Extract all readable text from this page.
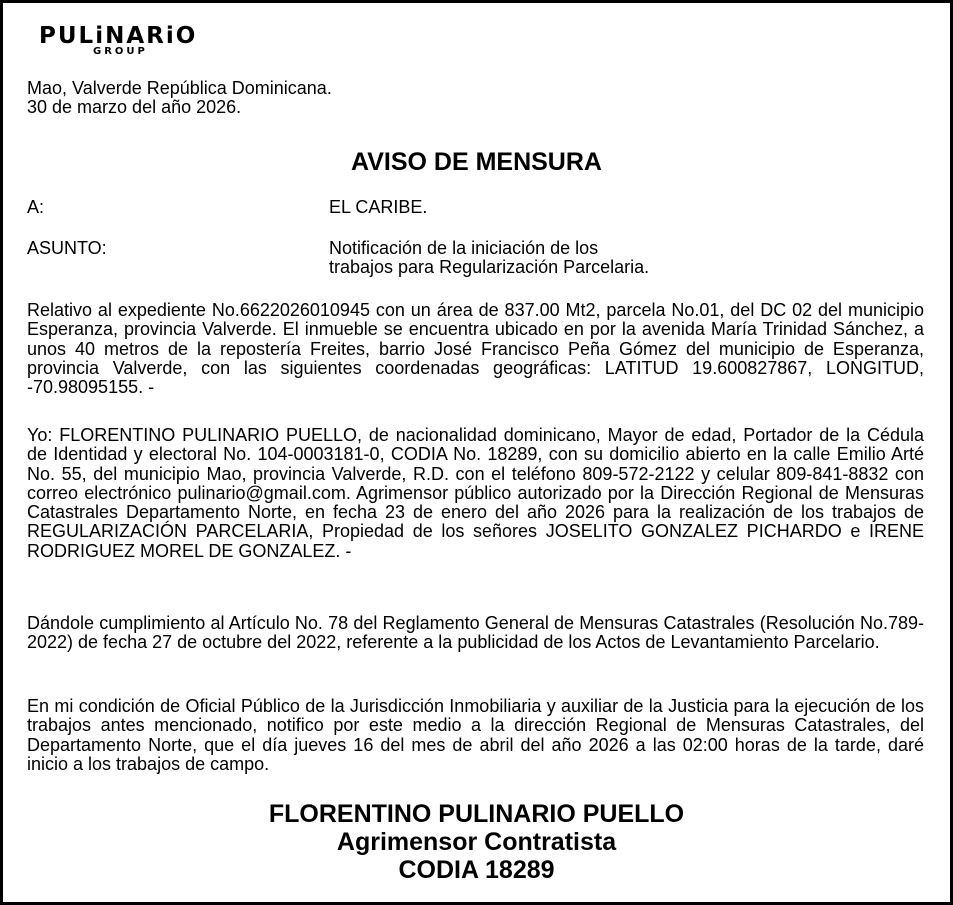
PULiNARiO
GROUP
Mao, Valverde República Dominicana.
30 de marzo del año 2026.
AVISO DE MENSURA
A:	EL CARIBE.
ASUNTO:	Notificación de la iniciación de los
trabajos para Regularización Parcelaria.
Relativo al expediente No.6622026010945 con un área de 837.00 Mt2, parcela No.01, del DC 02 del municipio Esperanza, provincia Valverde. El inmueble se encuentra ubicado en por la avenida María Trinidad Sánchez, a unos 40 metros de la repostería Freites, barrio José Francisco Peña Gómez del municipio de Esperanza, provincia Valverde, con las siguientes coordenadas geográficas: LATITUD 19.600827867, LONGITUD, -70.98095155. -
Yo: FLORENTINO PULINARIO PUELLO, de nacionalidad dominicano, Mayor de edad, Portador de la Cédula de Identidad y electoral No. 104-0003181-0, CODIA No. 18289, con su domicilio abierto en la calle Emilio Arté No. 55, del municipio Mao, provincia Valverde, R.D. con el teléfono 809-572-2122 y celular 809-841-8832 con correo electrónico pulinario@gmail.com. Agrimensor público autorizado por la Dirección Regional de Mensuras Catastrales Departamento Norte, en fecha 23 de enero del año 2026 para la realización de los trabajos de REGULARIZACIÓN PARCELARIA, Propiedad de los señores JOSELITO GONZALEZ PICHARDO e IRENE RODRIGUEZ MOREL DE GONZALEZ. -
Dándole cumplimiento al Artículo No. 78 del Reglamento General de Mensuras Catastrales (Resolución No.789-2022) de fecha 27 de octubre del 2022, referente a la publicidad de los Actos de Levantamiento Parcelario.
En mi condición de Oficial Público de la Jurisdicción Inmobiliaria y auxiliar de la Justicia para la ejecución de los trabajos antes mencionado, notifico por este medio a la dirección Regional de Mensuras Catastrales, del Departamento Norte, que el día jueves 16 del mes de abril del año 2026 a las 02:00 horas de la tarde, daré inicio a los trabajos de campo.
FLORENTINO PULINARIO PUELLO
Agrimensor Contratista
CODIA 18289
